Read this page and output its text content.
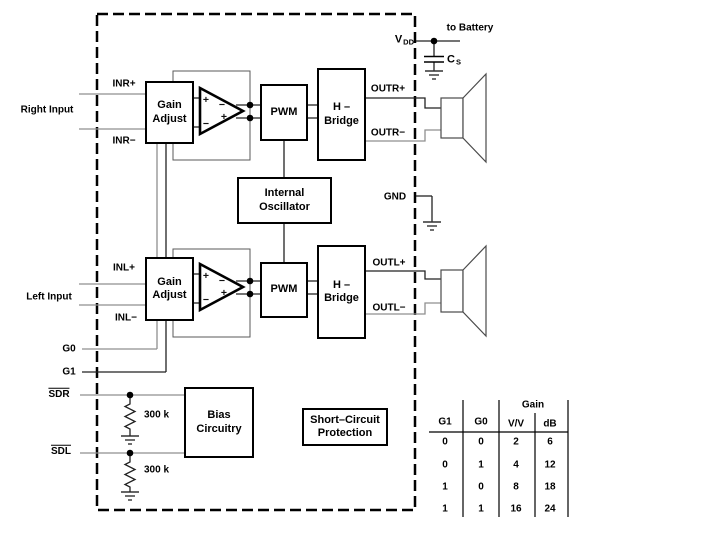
+
−
−
+
+
−
−
+
Gain
Adjust
Gain
Adjust
PWM
PWM
H –
Bridge
H –
Bridge
Internal
Oscillator
Bias
Circuitry
Short–Circuit
Protection
Right Input
INR+
INR−
Left Input
INL+
INL−
G0
G1
SDR
SDL
300 k
300 k
OUTR+
OUTR−
OUTL+
OUTL−
GND
$V_{DD}$
to Battery
$C_S$
Gain
G1 G0 V/V dB
0	0	2	6
0	1	4	12
1	0	8	18
1	1	16 24
